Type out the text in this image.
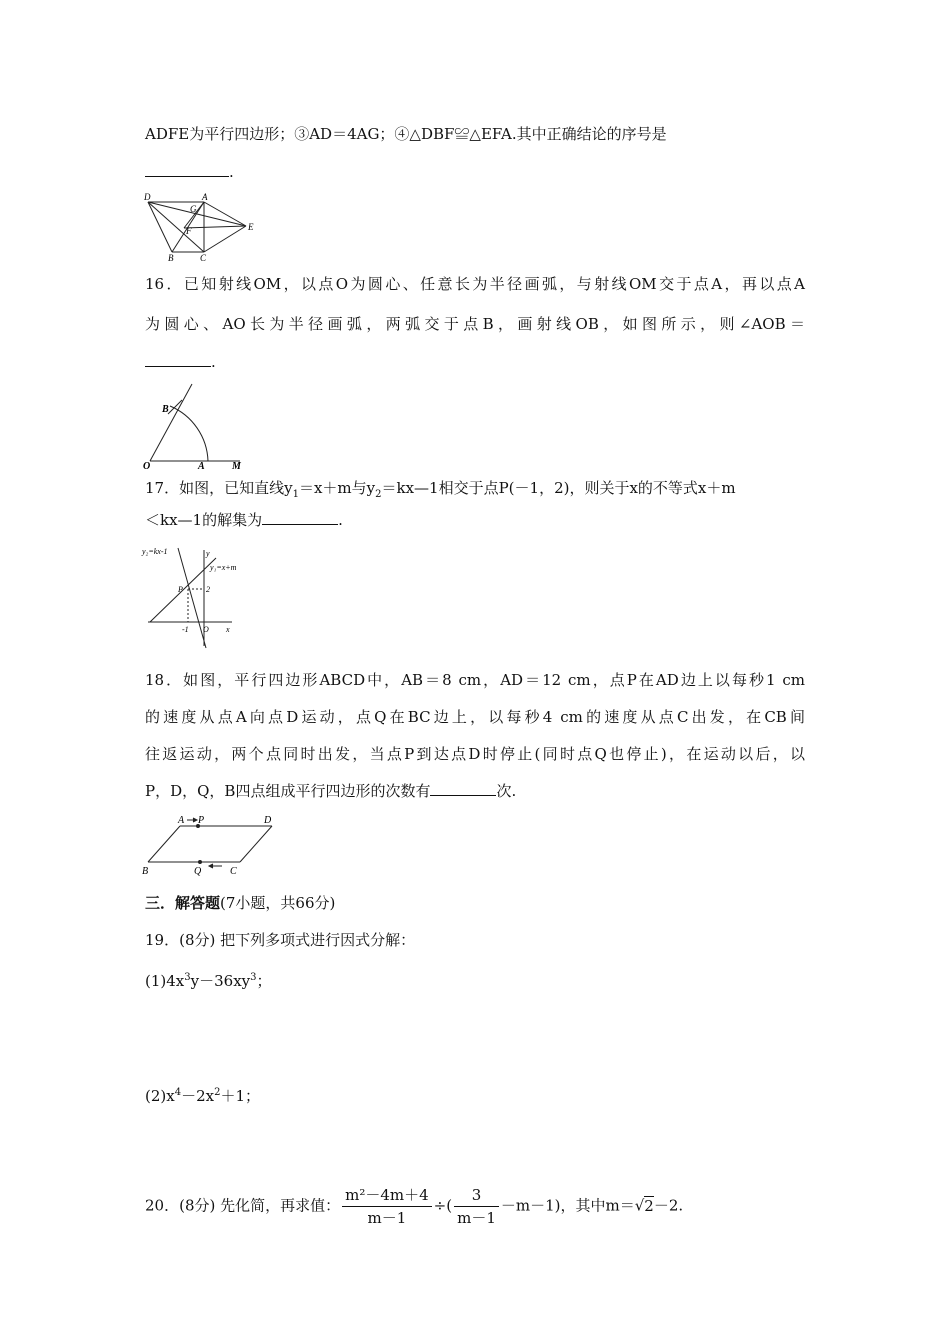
ADFE为平行四边形；③AD＝4AG；④△DBF≌△EFA.其中正确结论的序号是
.
D	A
G
E
F
B	C
16．已知射线OM，以点O为圆心、任意长为半径画弧，与射线OM交于点A，再以点A
为圆心、AO长为半径画弧，两弧交于点B，画射线OB，如图所示，则∠AOB＝
.
B
O	A	M
17．如图，已知直线$y_1=x+m$与$y_2=kx—1$相交于点P(－1，2)，则关于x的不等式x＋m
＜kx—1的解集为	.
y₂=kx-1
y₁=x+m
y
P	2
-1 O x
18．如图，平行四边形ABCD中，AB＝8 cm，AD＝12 cm，点P在AD边上以每秒1 cm
的速度从点A向点D运动，点Q在BC边上，以每秒4 cm的速度从点C出发，在CB间
往返运动，两个点同时出发，当点P到达点D时停止(同时点Q也停止)，在运动以后，以
P，D，Q，B四点组成平行四边形的次数有	次.
A P	D
B	Q	C
三．解答题(7小题，共66分)
19．(8分) 把下列多项式进行因式分解：
$(1)4x^3y-36xy^3$；
$(2)x^4-2x^2+1$；
20．(8分) 先化简，再求值： $\frac{\text{m²－4m＋4}}{m-1}$ ÷( $\frac{3}{m-1} -m-1$)，其中m＝√2－2.
